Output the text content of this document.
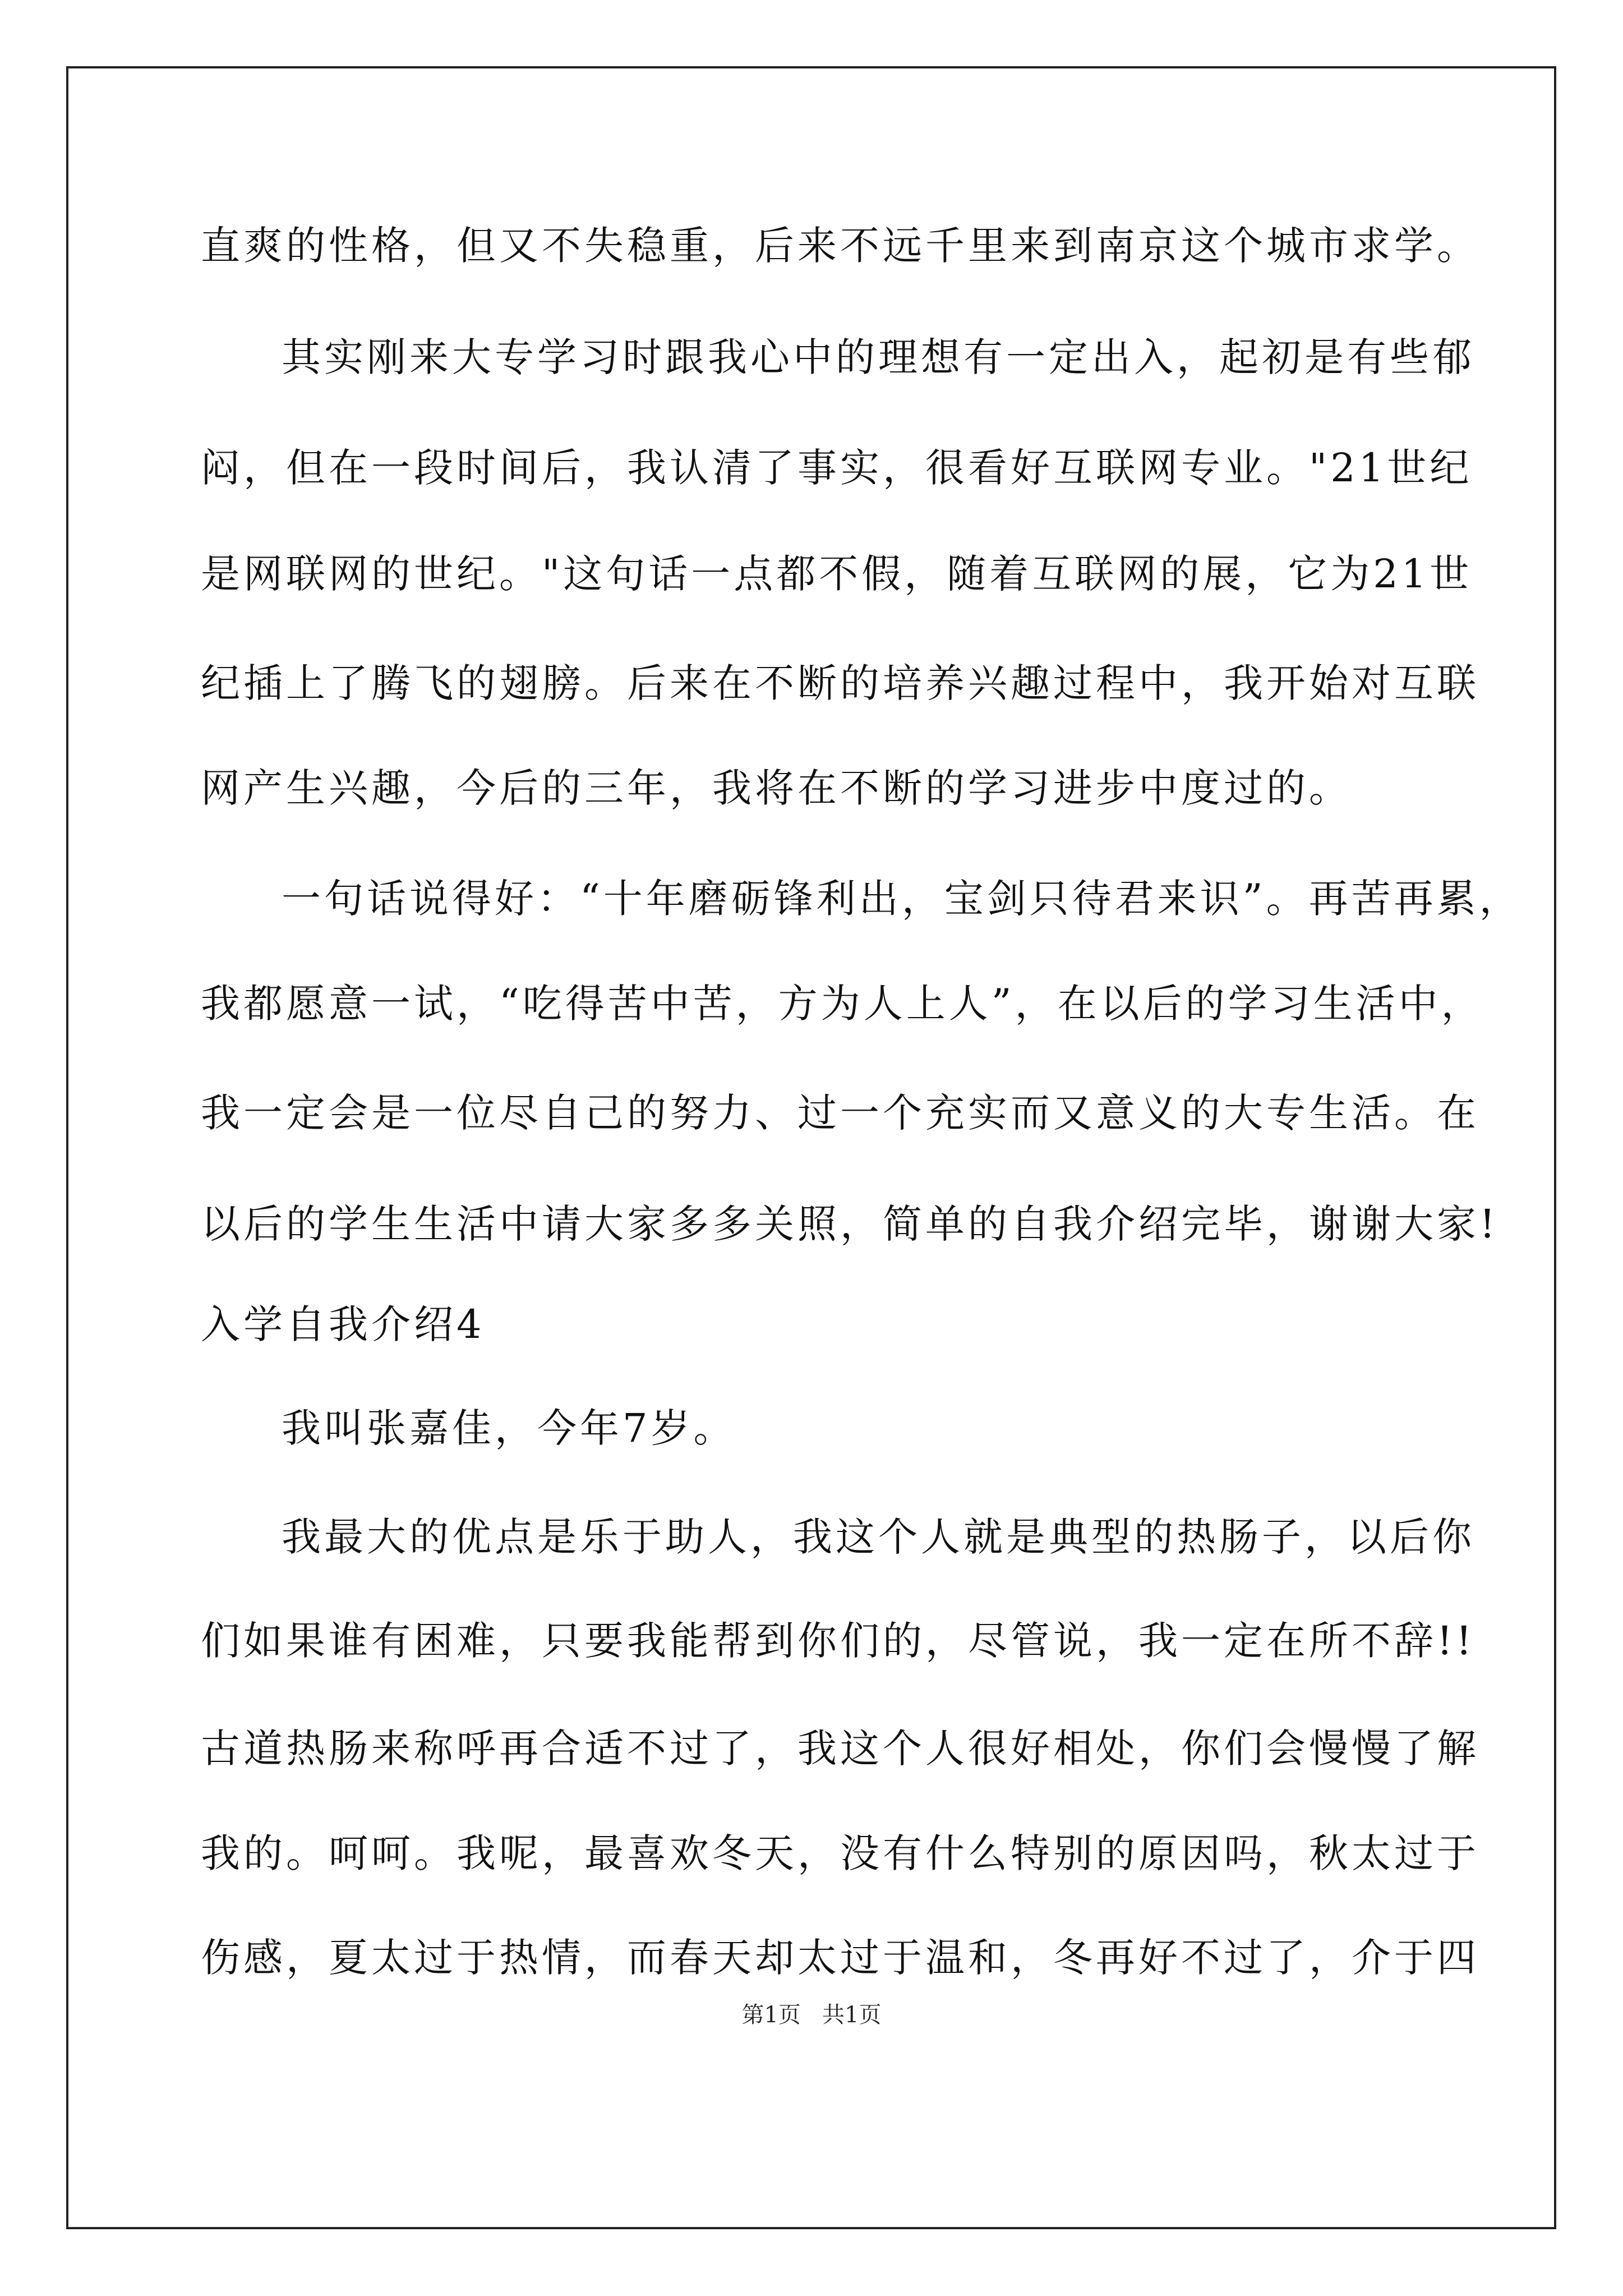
直爽的性格，但又不失稳重，后来不远千里来到南京这个城市求学。
其实刚来大专学习时跟我心中的理想有一定出入，起初是有些郁
闷，但在一段时间后，我认清了事实，很看好互联网专业。"21世纪
是网联网的世纪。"这句话一点都不假，随着互联网的展，它为21世
纪插上了腾飞的翅膀。后来在不断的培养兴趣过程中，我开始对互联
网产生兴趣，今后的三年，我将在不断的学习进步中度过的。
一句话说得好：“十年磨砺锋利出，宝剑只待君来识”。再苦再累，
我都愿意一试，“吃得苦中苦，方为人上人”，在以后的学习生活中，
我一定会是一位尽自己的努力、过一个充实而又意义的大专生活。在
以后的学生生活中请大家多多关照，简单的自我介绍完毕，谢谢大家!
入学自我介绍4
我叫张嘉佳，今年7岁。
我最大的优点是乐于助人，我这个人就是典型的热肠子，以后你
们如果谁有困难，只要我能帮到你们的，尽管说，我一定在所不辞!!
古道热肠来称呼再合适不过了，我这个人很好相处，你们会慢慢了解
我的。呵呵。我呢，最喜欢冬天，没有什么特别的原因吗，秋太过于
伤感，夏太过于热情，而春天却太过于温和，冬再好不过了，介于四
第1页   共1页
